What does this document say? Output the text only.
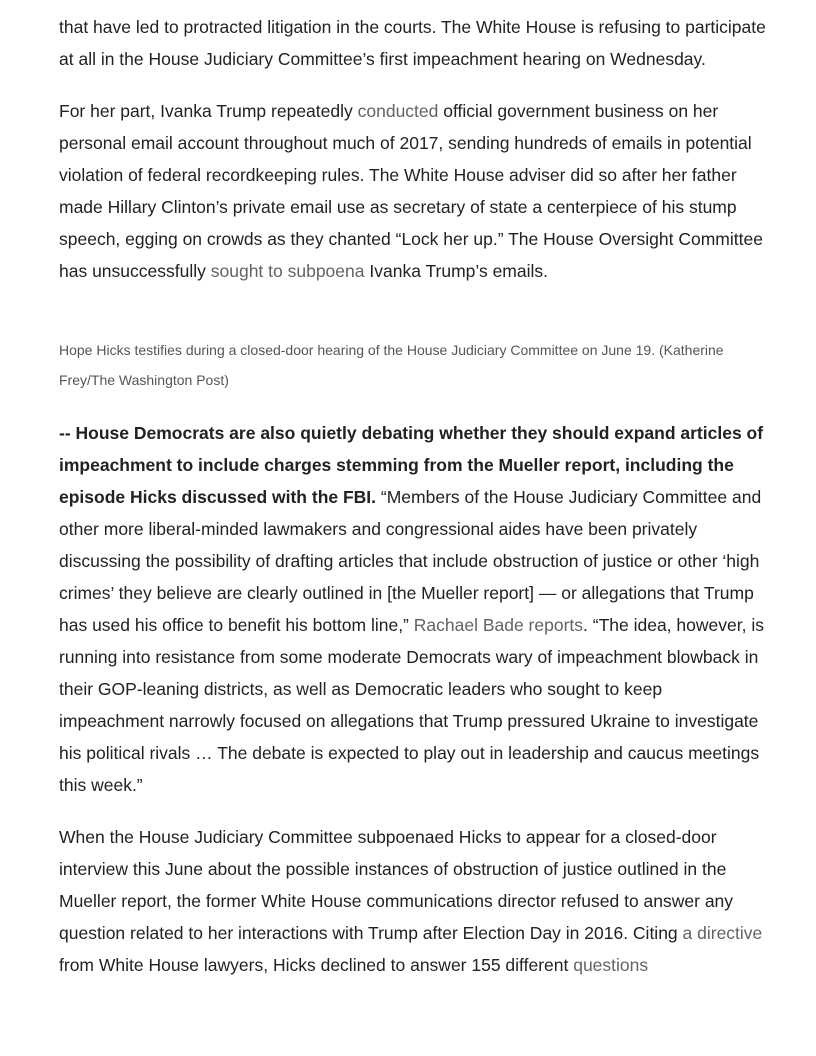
that have led to protracted litigation in the courts. The White House is refusing to participate at all in the House Judiciary Committee’s first impeachment hearing on Wednesday.

For her part, Ivanka Trump repeatedly conducted official government business on her personal email account throughout much of 2017, sending hundreds of emails in potential violation of federal recordkeeping rules. The White House adviser did so after her father made Hillary Clinton’s private email use as secretary of state a centerpiece of his stump speech, egging on crowds as they chanted “Lock her up.” The House Oversight Committee has unsuccessfully sought to subpoena Ivanka Trump’s emails.

Hope Hicks testifies during a closed-door hearing of the House Judiciary Committee on June 19. (Katherine Frey/The Washington Post)

-- House Democrats are also quietly debating whether they should expand articles of impeachment to include charges stemming from the Mueller report, including the episode Hicks discussed with the FBI. “Members of the House Judiciary Committee and other more liberal-minded lawmakers and congressional aides have been privately discussing the possibility of drafting articles that include obstruction of justice or other ‘high crimes’ they believe are clearly outlined in [the Mueller report] — or allegations that Trump has used his office to benefit his bottom line,” Rachael Bade reports. “The idea, however, is running into resistance from some moderate Democrats wary of impeachment blowback in their GOP-leaning districts, as well as Democratic leaders who sought to keep impeachment narrowly focused on allegations that Trump pressured Ukraine to investigate his political rivals … The debate is expected to play out in leadership and caucus meetings this week.”

When the House Judiciary Committee subpoenaed Hicks to appear for a closed-door interview this June about the possible instances of obstruction of justice outlined in the Mueller report, the former White House communications director refused to answer any question related to her interactions with Trump after Election Day in 2016. Citing a directive from White House lawyers, Hicks declined to answer 155 different questions
